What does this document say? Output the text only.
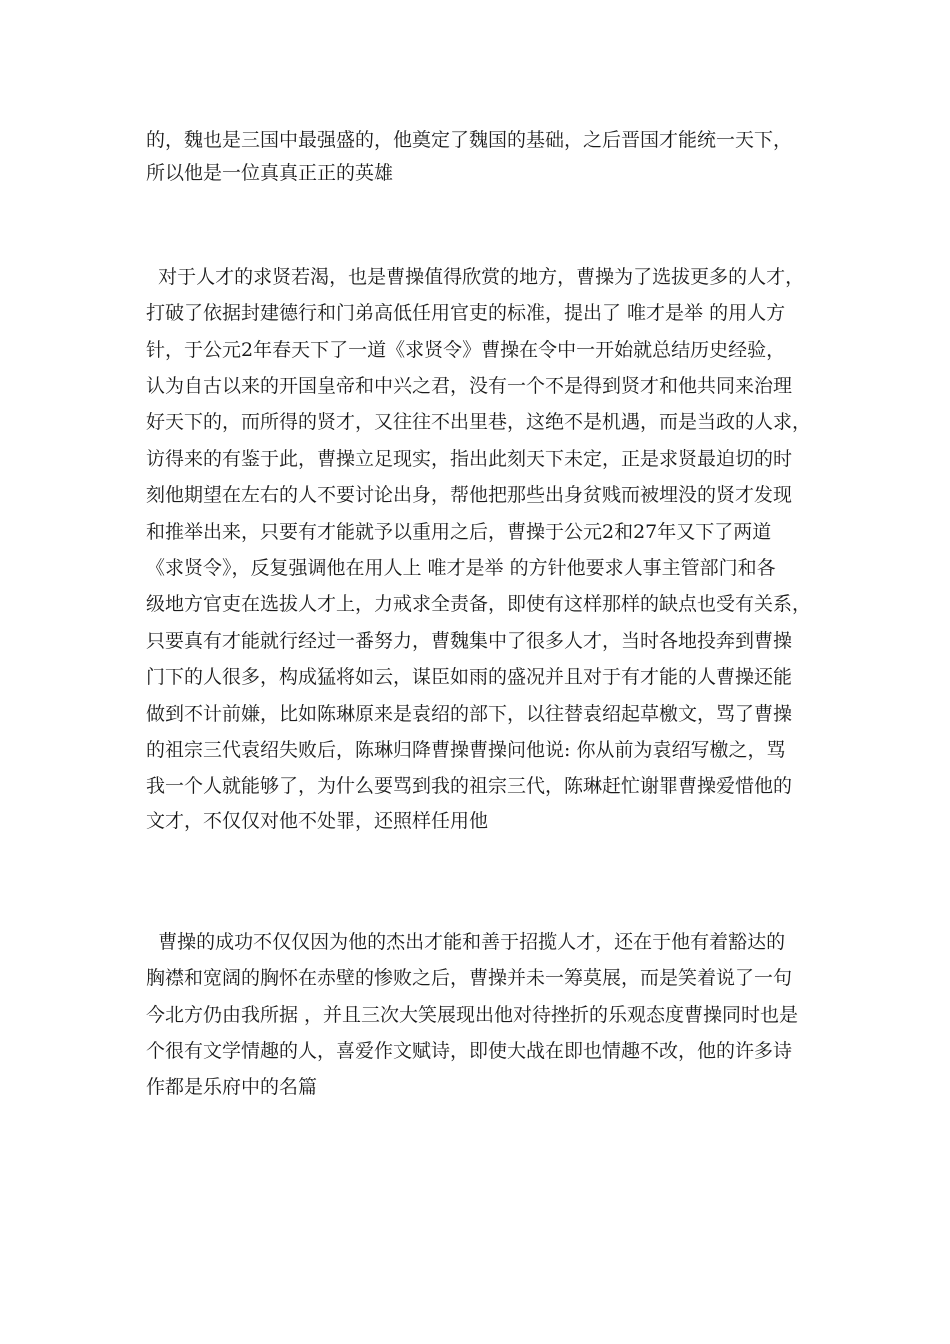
的，魏也是三国中最强盛的，他奠定了魏国的基础，之后晋国才能统一天下，
所以他是一位真真正正的英雄
对于人才的求贤若渴，也是曹操值得欣赏的地方，曹操为了选拔更多的人才，
打破了依据封建德行和门弟高低任用官吏的标准，提出了 唯才是举 的用人方
针，于公元2年春天下了一道《求贤令》曹操在令中一开始就总结历史经验，
认为自古以来的开国皇帝和中兴之君，没有一个不是得到贤才和他共同来治理
好天下的，而所得的贤才，又往往不出里巷，这绝不是机遇，而是当政的人求，
访得来的有鉴于此，曹操立足现实，指出此刻天下未定，正是求贤最迫切的时
刻他期望在左右的人不要讨论出身，帮他把那些出身贫贱而被埋没的贤才发现
和推举出来，只要有才能就予以重用之后，曹操于公元2和27年又下了两道
《求贤令》，反复强调他在用人上 唯才是举 的方针他要求人事主管部门和各
级地方官吏在选拔人才上，力戒求全责备，即使有这样那样的缺点也受有关系，
只要真有才能就行经过一番努力，曹魏集中了很多人才，当时各地投奔到曹操
门下的人很多，构成猛将如云，谋臣如雨的盛况并且对于有才能的人曹操还能
做到不计前嫌，比如陈琳原来是袁绍的部下，以往替袁绍起草檄文，骂了曹操
的祖宗三代袁绍失败后，陈琳归降曹操曹操问他说: 你从前为袁绍写檄之，骂
我一个人就能够了，为什么要骂到我的祖宗三代，陈琳赶忙谢罪曹操爱惜他的
文才，不仅仅对他不处罪，还照样任用他
曹操的成功不仅仅因为他的杰出才能和善于招揽人才，还在于他有着豁达的
胸襟和宽阔的胸怀在赤壁的惨败之后，曹操并未一筹莫展，而是笑着说了一句
今北方仍由我所据 ，并且三次大笑展现出他对待挫折的乐观态度曹操同时也是
个很有文学情趣的人，喜爱作文赋诗，即使大战在即也情趣不改，他的许多诗
作都是乐府中的名篇
